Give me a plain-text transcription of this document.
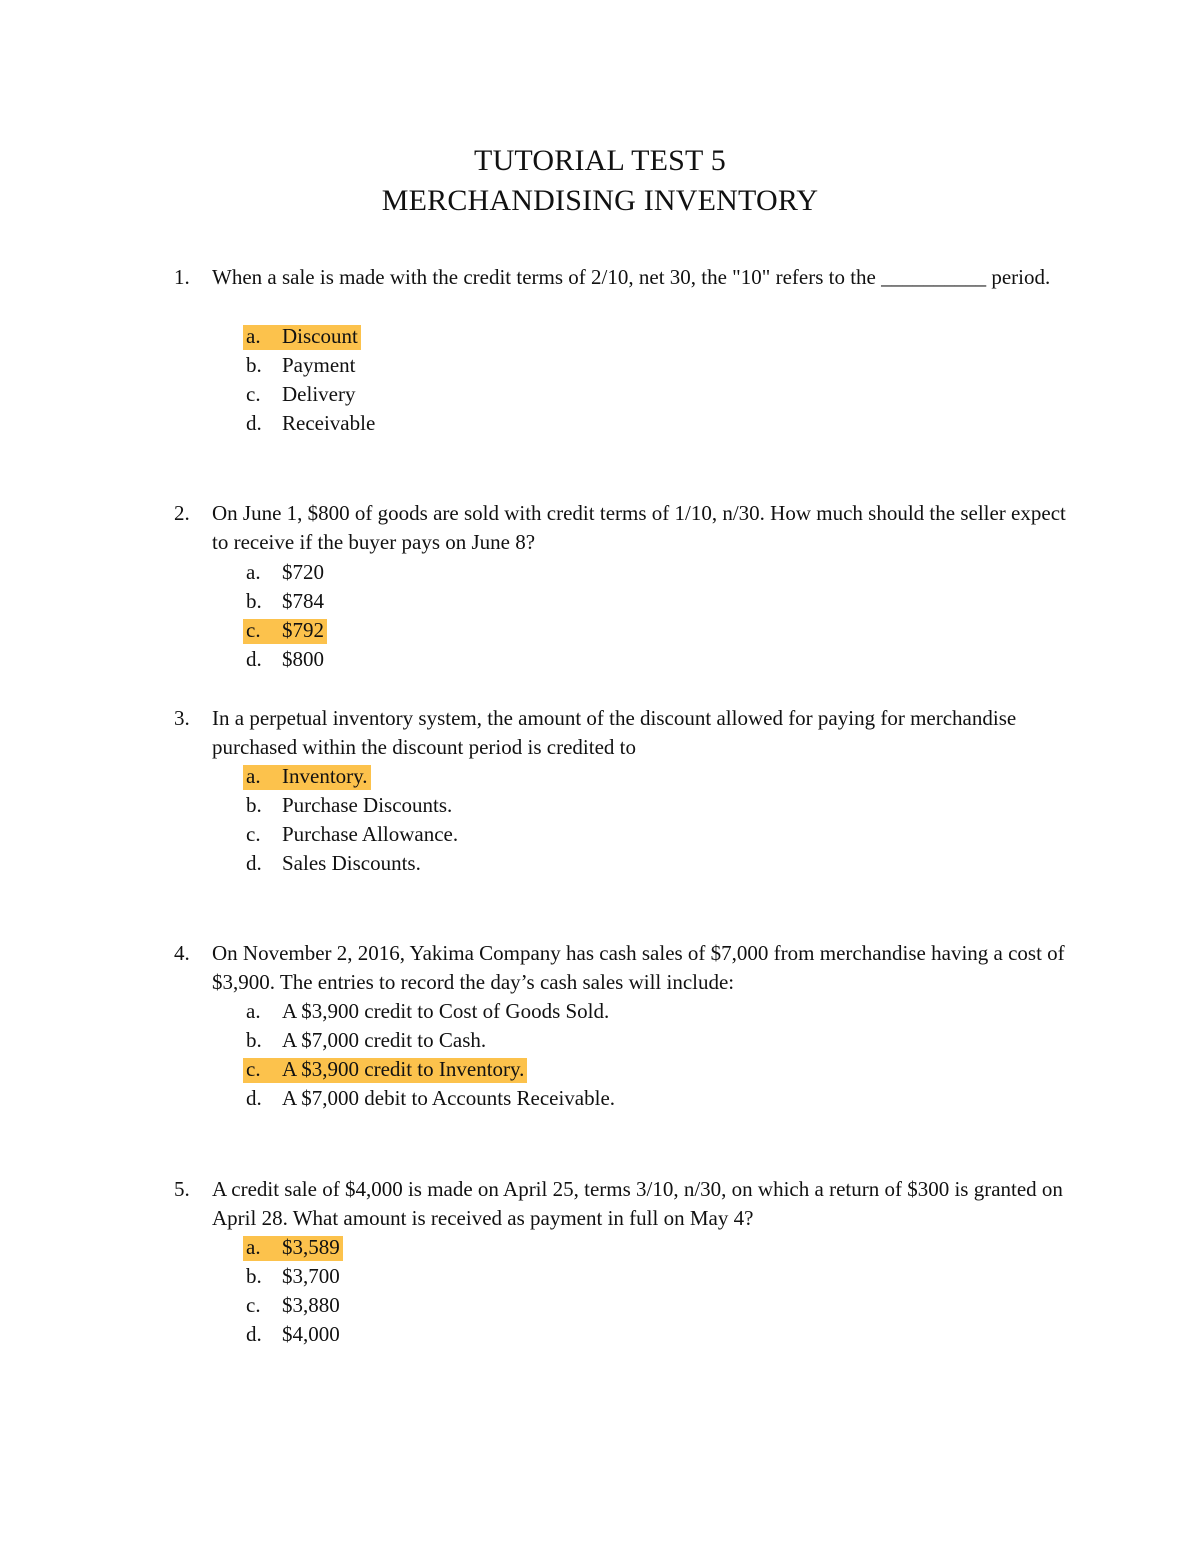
TUTORIAL TEST 5
MERCHANDISING INVENTORY
1. When a sale is made with the credit terms of 2/10, net 30, the "10" refers to the __________ period.
a. Discount
b. Payment
c. Delivery
d. Receivable
2. On June 1, $800 of goods are sold with credit terms of 1/10, n/30. How much should the seller expect to receive if the buyer pays on June 8?
a. $720
b. $784
c. $792
d. $800
3. In a perpetual inventory system, the amount of the discount allowed for paying for merchandise purchased within the discount period is credited to
a. Inventory.
b. Purchase Discounts.
c. Purchase Allowance.
d. Sales Discounts.
4. On November 2, 2016, Yakima Company has cash sales of $7,000 from merchandise having a cost of $3,900. The entries to record the day’s cash sales will include:
a. A $3,900 credit to Cost of Goods Sold.
b. A $7,000 credit to Cash.
c. A $3,900 credit to Inventory.
d. A $7,000 debit to Accounts Receivable.
5. A credit sale of $4,000 is made on April 25, terms 3/10, n/30, on which a return of $300 is granted on April 28. What amount is received as payment in full on May 4?
a. $3,589
b. $3,700
c. $3,880
d. $4,000
